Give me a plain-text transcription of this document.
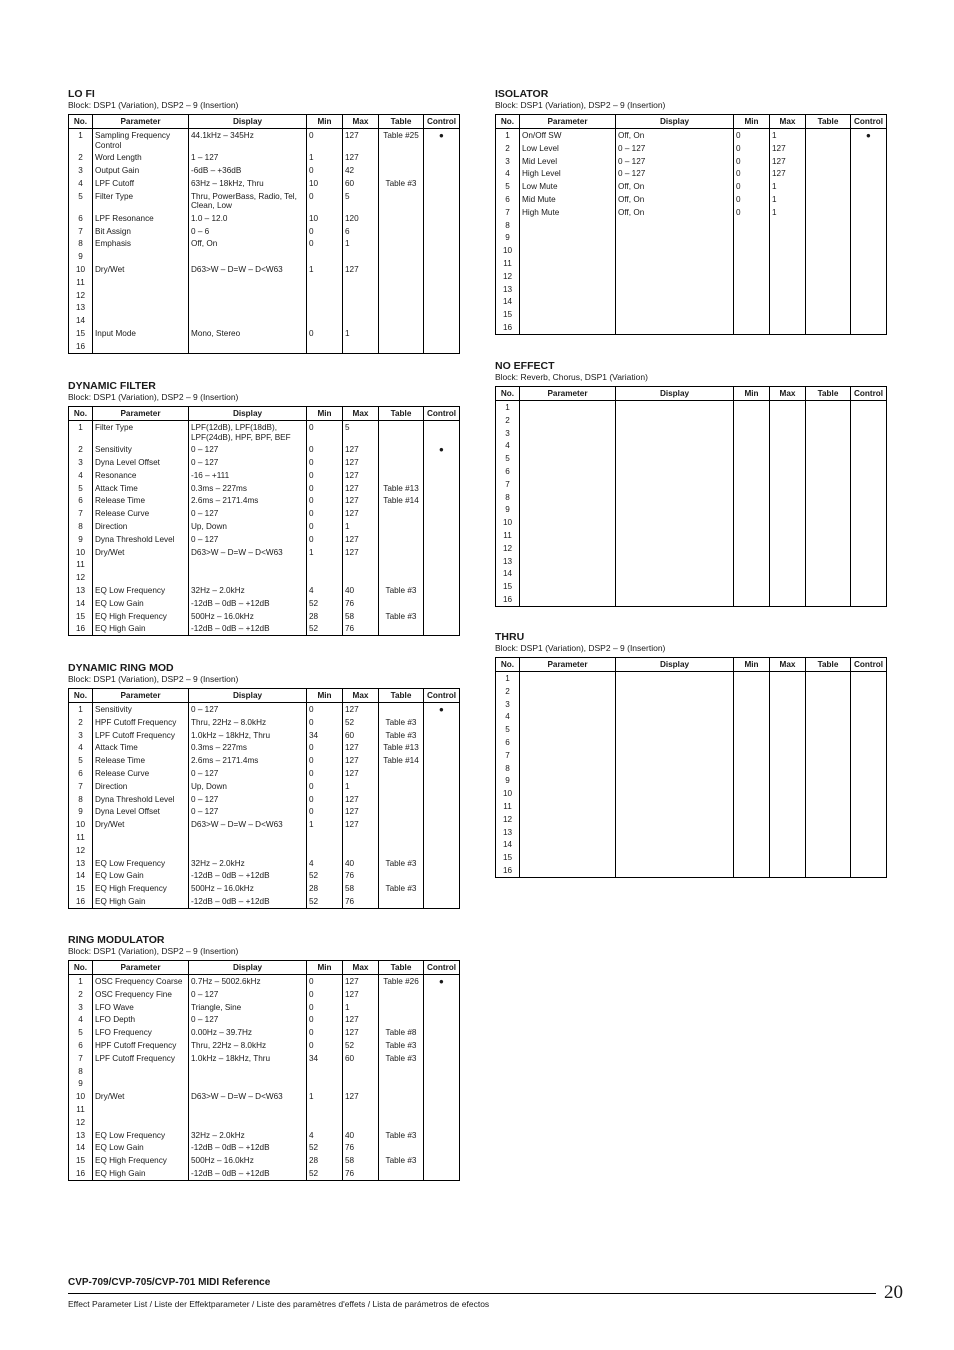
LO FI
Block: DSP1 (Variation), DSP2 – 9 (Insertion)
No.	Parameter	Display	Min	Max	Table	Control
1	Sampling Frequency Control	44.1kHz – 345Hz	0	127	Table #25	●
2	Word Length	1 – 127	1	127		
3	Output Gain	-6dB – +36dB	0	42		
4	LPF Cutoff	63Hz – 18kHz, Thru	10	60	Table #3	
5	Filter Type	Thru, PowerBass, Radio, Tel, Clean, Low	0	5		
6	LPF Resonance	1.0 – 12.0	10	120		
7	Bit Assign	0 – 6	0	6		
8	Emphasis	Off, On	0	1		
9						
10	Dry/Wet	D63>W – D=W – D<W63	1	127		
11						
12						
13						
14						
15	Input Mode	Mono, Stereo	0	1		
16						
DYNAMIC FILTER
Block: DSP1 (Variation), DSP2 – 9 (Insertion)
No.	Parameter	Display	Min	Max	Table	Control
1	Filter Type	LPF(12dB), LPF(18dB), LPF(24dB), HPF, BPF, BEF	0	5		
2	Sensitivity	0 – 127	0	127		●
3	Dyna Level Offset	0 – 127	0	127		
4	Resonance	-16 – +111	0	127		
5	Attack Time	0.3ms – 227ms	0	127	Table #13	
6	Release Time	2.6ms – 2171.4ms	0	127	Table #14	
7	Release Curve	0 – 127	0	127		
8	Direction	Up, Down	0	1		
9	Dyna Threshold Level	0 – 127	0	127		
10	Dry/Wet	D63>W – D=W – D<W63	1	127		
11						
12						
13	EQ Low Frequency	32Hz – 2.0kHz	4	40	Table #3	
14	EQ Low Gain	-12dB – 0dB – +12dB	52	76		
15	EQ High Frequency	500Hz – 16.0kHz	28	58	Table #3	
16	EQ High Gain	-12dB – 0dB – +12dB	52	76		
DYNAMIC RING MOD
Block: DSP1 (Variation), DSP2 – 9 (Insertion)
No.	Parameter	Display	Min	Max	Table	Control
1	Sensitivity	0 – 127	0	127		●
2	HPF Cutoff Frequency	Thru, 22Hz – 8.0kHz	0	52	Table #3	
3	LPF Cutoff Frequency	1.0kHz – 18kHz, Thru	34	60	Table #3	
4	Attack Time	0.3ms – 227ms	0	127	Table #13	
5	Release Time	2.6ms – 2171.4ms	0	127	Table #14	
6	Release Curve	0 – 127	0	127		
7	Direction	Up, Down	0	1		
8	Dyna Threshold Level	0 – 127	0	127		
9	Dyna Level Offset	0 – 127	0	127		
10	Dry/Wet	D63>W – D=W – D<W63	1	127		
11						
12						
13	EQ Low Frequency	32Hz – 2.0kHz	4	40	Table #3	
14	EQ Low Gain	-12dB – 0dB – +12dB	52	76		
15	EQ High Frequency	500Hz – 16.0kHz	28	58	Table #3	
16	EQ High Gain	-12dB – 0dB – +12dB	52	76		
RING MODULATOR
Block: DSP1 (Variation), DSP2 – 9 (Insertion)
No.	Parameter	Display	Min	Max	Table	Control
1	OSC Frequency Coarse	0.7Hz – 5002.6kHz	0	127	Table #26	●
2	OSC Frequency Fine	0 – 127	0	127		
3	LFO Wave	Triangle, Sine	0	1		
4	LFO Depth	0 – 127	0	127		
5	LFO Frequency	0.00Hz – 39.7Hz	0	127	Table #8	
6	HPF Cutoff Frequency	Thru, 22Hz – 8.0kHz	0	52	Table #3	
7	LPF Cutoff Frequency	1.0kHz – 18kHz, Thru	34	60	Table #3	
8						
9						
10	Dry/Wet	D63>W – D=W – D<W63	1	127		
11						
12						
13	EQ Low Frequency	32Hz – 2.0kHz	4	40	Table #3	
14	EQ Low Gain	-12dB – 0dB – +12dB	52	76		
15	EQ High Frequency	500Hz – 16.0kHz	28	58	Table #3	
16	EQ High Gain	-12dB – 0dB – +12dB	52	76		
ISOLATOR
Block: DSP1 (Variation), DSP2 – 9 (Insertion)
No.	Parameter	Display	Min	Max	Table	Control
1	On/Off SW	Off, On	0	1		●
2	Low Level	0 – 127	0	127		
3	Mid Level	0 – 127	0	127		
4	High Level	0 – 127	0	127		
5	Low Mute	Off, On	0	1		
6	Mid Mute	Off, On	0	1		
7	High Mute	Off, On	0	1		
8						
9						
10						
11						
12						
13						
14						
15						
16						
NO EFFECT
Block: Reverb, Chorus, DSP1 (Variation)
No.	Parameter	Display	Min	Max	Table	Control
1						
2						
3						
4						
5						
6						
7						
8						
9						
10						
11						
12						
13						
14						
15						
16						
THRU
Block: DSP1 (Variation), DSP2 – 9 (Insertion)
No.	Parameter	Display	Min	Max	Table	Control
1						
2						
3						
4						
5						
6						
7						
8						
9						
10						
11						
12						
13						
14						
15						
16						
CVP-709/CVP-705/CVP-701 MIDI Reference
Effect Parameter List / Liste der Effektparameter / Liste des paramètres d'effets / Lista de parámetros de efectos
20
